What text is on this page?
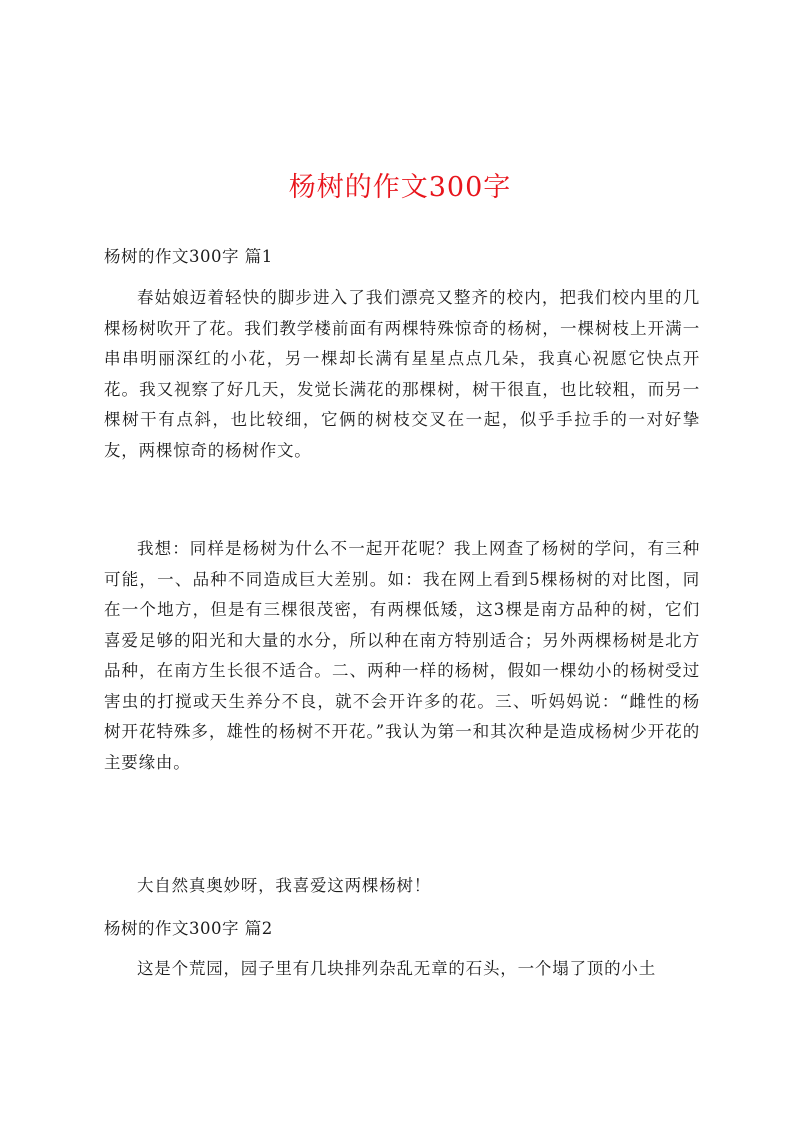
杨树的作文300字
杨树的作文300字 篇1

春姑娘迈着轻快的脚步进入了我们漂亮又整齐的校内，把我们校内里的几棵杨树吹开了花。我们教学楼前面有两棵特殊惊奇的杨树，一棵树枝上开满一串串明丽深红的小花，另一棵却长满有星星点点几朵，我真心祝愿它快点开花。我又视察了好几天，发觉长满花的那棵树，树干很直，也比较粗，而另一棵树干有点斜，也比较细，它俩的树枝交叉在一起，似乎手拉手的一对好挚友，两棵惊奇的杨树作文。

我想：同样是杨树为什么不一起开花呢？我上网查了杨树的学问，有三种可能，一、品种不同造成巨大差别。如：我在网上看到5棵杨树的对比图，同在一个地方，但是有三棵很茂密，有两棵低矮，这3棵是南方品种的树，它们喜爱足够的阳光和大量的水分，所以种在南方特别适合；另外两棵杨树是北方品种，在南方生长很不适合。二、两种一样的杨树，假如一棵幼小的杨树受过害虫的打搅或天生养分不良，就不会开许多的花。三、听妈妈说：“雌性的杨树开花特殊多，雄性的杨树不开花。”我认为第一和其次种是造成杨树少开花的主要缘由。

大自然真奥妙呀，我喜爱这两棵杨树！

杨树的作文300字 篇2

这是个荒园，园子里有几块排列杂乱无章的石头，一个塌了顶的小土
